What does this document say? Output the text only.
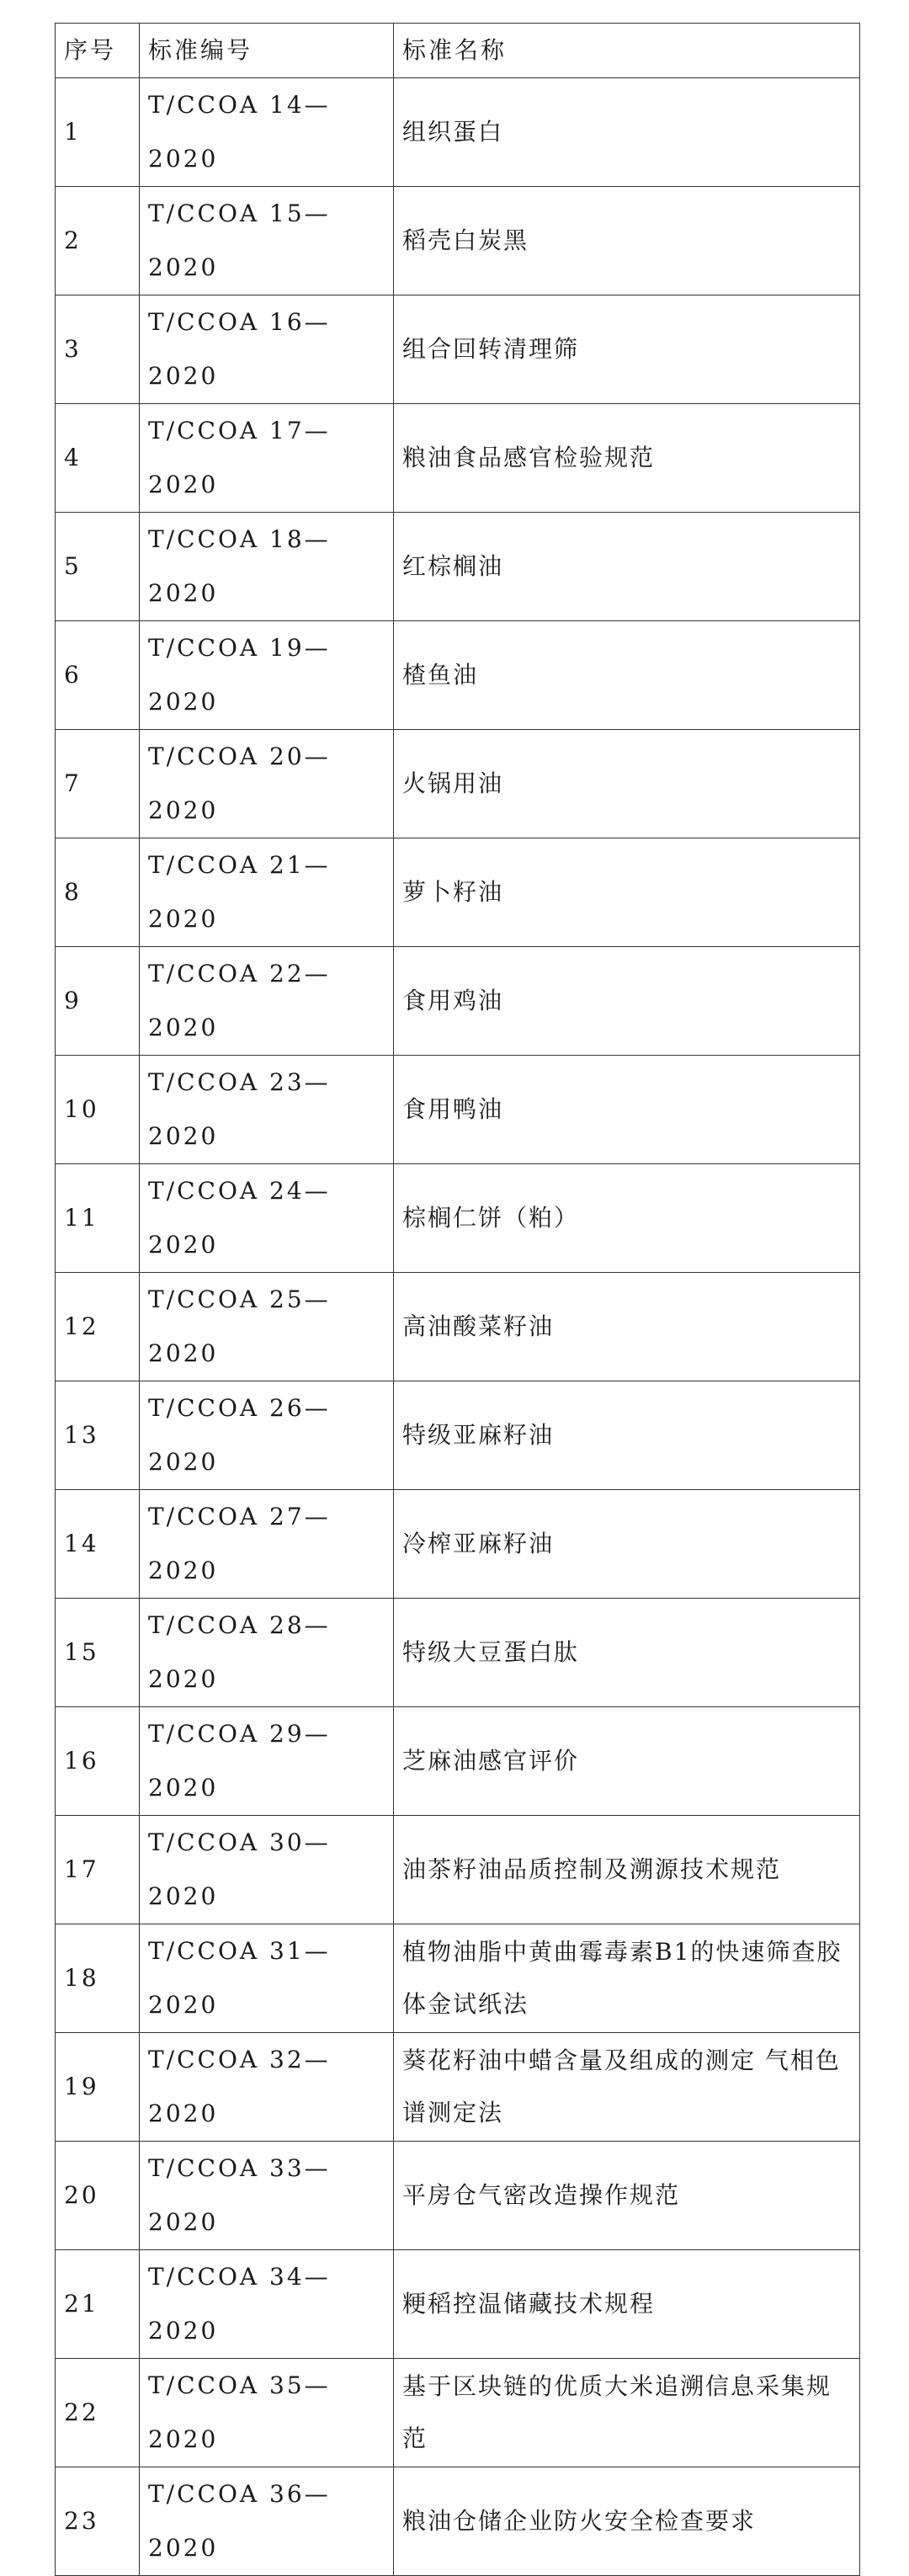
序号	标准编号	标准名称
1	T/CCOA 14—2020	组织蛋白
2	T/CCOA 15—2020	稻壳白炭黑
3	T/CCOA 16—2020	组合回转清理筛
4	T/CCOA 17—2020	粮油食品感官检验规范
5	T/CCOA 18—2020	红棕榈油
6	T/CCOA 19—2020	楂鱼油
7	T/CCOA 20—2020	火锅用油
8	T/CCOA 21—2020	萝卜籽油
9	T/CCOA 22—2020	食用鸡油
10	T/CCOA 23—2020	食用鸭油
11	T/CCOA 24—2020	棕榈仁饼（粕）
12	T/CCOA 25—2020	高油酸菜籽油
13	T/CCOA 26—2020	特级亚麻籽油
14	T/CCOA 27—2020	冷榨亚麻籽油
15	T/CCOA 28—2020	特级大豆蛋白肽
16	T/CCOA 29—2020	芝麻油感官评价
17	T/CCOA 30—2020	油茶籽油品质控制及溯源技术规范
18	T/CCOA 31—2020	植物油脂中黄曲霉毒素B1的快速筛查胶体金试纸法
19	T/CCOA 32—2020	葵花籽油中蜡含量及组成的测定 气相色谱测定法
20	T/CCOA 33—2020	平房仓气密改造操作规范
21	T/CCOA 34—2020	粳稻控温储藏技术规程
22	T/CCOA 35—2020	基于区块链的优质大米追溯信息采集规范
23	T/CCOA 36—2020	粮油仓储企业防火安全检查要求
